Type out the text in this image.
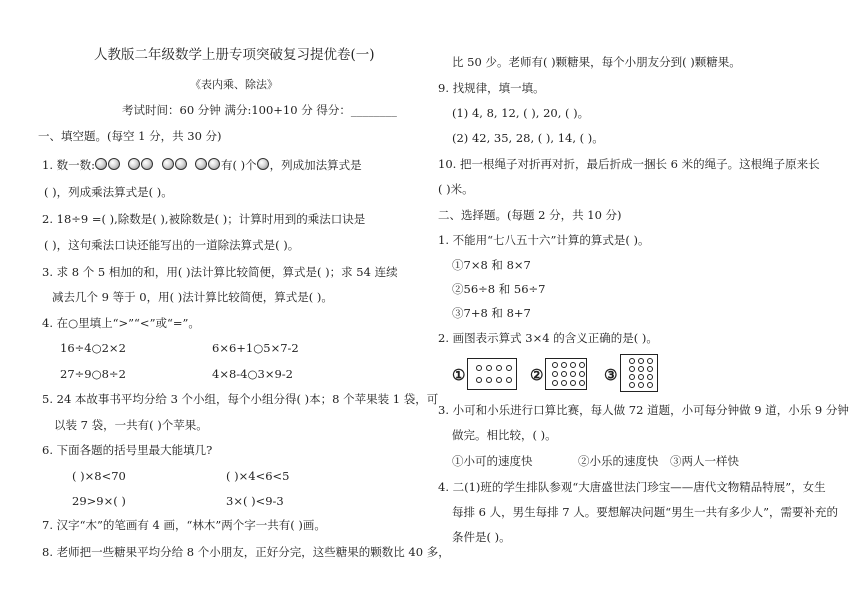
人教版二年级数学上册专项突破复习提优卷(一)
《表内乘、除法》
考试时间：60 分钟 满分:100+10 分 得分：________
一、填空题。(每空 1 分，共 30 分)
1. 数一数:	有( )个 ，列成加法算式是
( )，列成乘法算式是( )。
2. 18÷9 =( ),除数是( ),被除数是( )；计算时用到的乘法口诀是
( )，这句乘法口诀还能写出的一道除法算式是( )。
3. 求 8 个 5 相加的和，用( )法计算比较简便，算式是( )；求 54 连续
减去几个 9 等于 0，用( )法计算比较简便，算式是( )。
4. 在○里填上“>”“<”或“=”。
16÷4○2×2	6×6+1○5×7-2
27÷9○8÷2	4×8-4○3×9-2
5. 24 本故事书平均分给 3 个小组，每个小组分得( )本；8 个苹果装 1 袋，可
以装 7 袋，一共有( )个苹果。
6. 下面各题的括号里最大能填几?
( )×8<70	( )×4<6<5
29>9×( )	3×( )<9-3
7. 汉字“木”的笔画有 4 画，“林木”两个字一共有( )画。
8. 老师把一些糖果平均分给 8 个小朋友，正好分完，这些糖果的颗数比 40 多，
比 50 少。老师有( )颗糖果，每个小朋友分到( )颗糖果。
9. 找规律，填一填。
(1) 4, 8, 12, ( ), 20, ( )。
(2) 42, 35, 28, ( ), 14, ( )。
10. 把一根绳子对折再对折，最后折成一捆长 6 米的绳子。这根绳子原来长
( )米。
二、选择题。(每题 2 分，共 10 分)
1. 不能用“七八五十六”计算的算式是( )。
①7×8 和 8×7
②56÷8 和 56÷7
③7+8 和 8+7
2. 画图表示算式 3×4 的含义正确的是( )。
①	②	③
3. 小可和小乐进行口算比赛，每人做 72 道题，小可每分钟做 9 道，小乐 9 分钟
做完。相比较，( )。
①小可的速度快	②小乐的速度快 ③两人一样快
4. 二(1)班的学生排队参观“大唐盛世法门珍宝——唐代文物精品特展”，女生
每排 6 人，男生每排 7 人。要想解决问题“男生一共有多少人”，需要补充的
条件是( )。
